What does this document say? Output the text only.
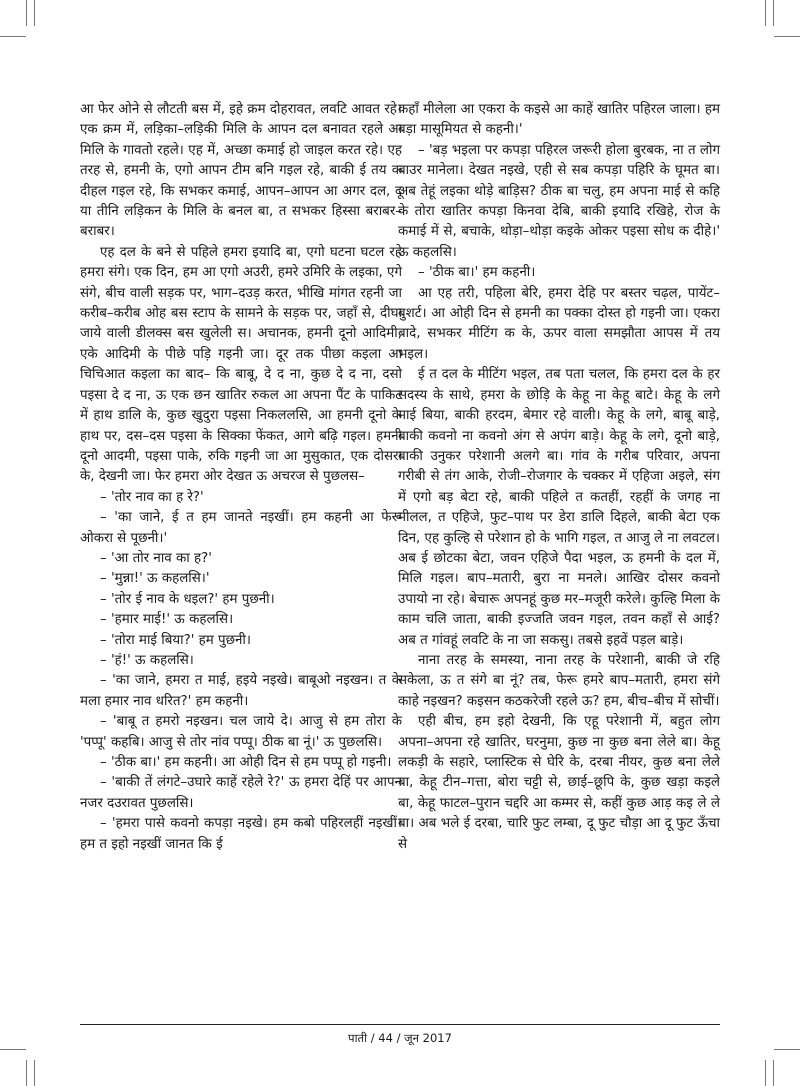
आ फेर ओने से लौटती बस में, इहे क्रम दोहरावत, लवटि आवत रहे। एक क्रम में, लड़िका–लड़िकी मिलि के आपन दल बनावत रहले आ मिलि के गावतो रहले। एह में, अच्छा कमाई हो जाइल करत रहे। एह तरह से, हमनी के, एगो आपन टीम बनि गइल रहे, बाकी ई तय क दीहल गइल रहे, कि सभकर कमाई, आपन–आपन आ अगर दल, दू या तीनि लड़िकन के मिलि के बनल बा, त सभकर हिस्सा बराबर–बराबर।

एह दल के बने से पहिले हमरा इयादि बा, एगो घटना घटल रहे हमरा संगे। एक दिन, हम आ एगो अउरी, हमरे उमिरि के लइका, एगे संगे, बीच वाली सड़क पर, भाग–दउड़ करत, भीखि मांगत रहनी जा करीब–करीब ओह बस स्टाप के सामने के सड़क पर, जहाँ से, दीघा जाये वाली डीलक्स बस खुलेली स। अचानक, हमनी दूनो आदिमी, एके आदिमी के पीछे पड़ि गइनी जा। दूर तक पीछा कइला आ चिचिआत कइला का बाद– कि बाबू, दे द ना, कुछ दे द ना, दसो पइसा दे द ना, ऊ एक छन खातिर रुकल आ अपना पैंट के पाकिट में हाथ डालि के, कुछ खुदुरा पइसा निकललसि, आ हमनी दूनो के हाथ पर, दस–दस पइसा के सिक्का फेंकत, आगे बढ़ि गइल। हमनी दूनो आदमी, पइसा पाके, रुकि गइनी जा आ मुसुकात, एक दोसरा के, देखनी जा। फेर हमरा ओर देखत ऊ अचरज से पुछलस–

– 'तोर नाव का ह रे?'

– 'का जाने, ई त हम जानते नइखीं। हम कहनी आ फेरू ओकरा से पूछनी।'

– 'आ तोर नाव का ह?'

– 'मुन्ना!' ऊ कहलसि।'

– 'तोर ई नाव के धइल?' हम पुछनी।

– 'हमार माई!' ऊ कहलसि।

– 'तोरा माई बिया?' हम पुछनी।

– 'हं!' ऊ कहलसि।

– 'का जाने, हमरा त माई, हइये नइखे। बाबूओ नइखन। त के मला हमार नाव धरित?' हम कहनी।

– 'बाबू त हमरो नइखन। चल जाये दे। आजु से हम तोरा के 'पप्पू' कहबि। आजु से तोर नांव पप्पू। ठीक बा नूं।' ऊ पुछलसि।

– 'ठीक बा।' हम कहनी। आ ओही दिन से हम पप्पू हो गइनी।

– 'बाकी तें लंगटे–उघारे काहें रहेले रे?' ऊ हमरा देहिं पर आपन नजर दउरावत पुछलसि।

– 'हमरा पासे कवनो कपड़ा नइखे। हम कबो पहिरलहीं नइखीं। हम त इहो नइखीं जानत कि ई

कहाँ मीलेला आ एकरा के कइसे आ काहें खातिर पहिरल जाला। हम बड़ा मासूमियत से कहनी।'

– 'बड़ भइला पर कपड़ा पहिरल जरूरी होला बुरबक, ना त लोग बाउर मानेला। देखत नइखे, एही से सब कपड़ा पहिरि के घूमत बा। अब तेहूं लइका थोड़े बाड़िस? ठीक बा चलु, हम अपना माई से कहि के तोरा खातिर कपड़ा किनवा देबि, बाकी इयादि रखिहे, रोज के कमाई में से, बचाके, थोड़ा–थोड़ा कइके ओकर पइसा सोध क दीहे।' ऊ कहलसि।

– 'ठीक बा।' हम कहनी।

आ एह तरी, पहिला बेरि, हमरा देहि पर बस्तर चढ़ल, पायेंट–बुशर्ट। आ ओही दिन से हमनी का पक्का दोस्त हो गइनी जा। एकरा बादे, सभकर मीटिंग क के, ऊपर वाला समझौता आपस में तय भइल।

ई त दल के मीटिंग भइल, तब पता चलल, कि हमरा दल के हर सदस्य के साथे, हमरा के छोड़ि के केहू ना केहू बाटे। केहू के लगे माई बिया, बाकी हरदम, बेमार रहे वाली। केहू के लगे, बाबू बाड़े, बाकी कवनो ना कवनो अंग से अपंग बाड़े। केहू के लगे, दूनो बाड़े, बाकी उनुकर परेशानी अलगे बा। गांव के गरीब परिवार, अपना गरीबी से तंग आके, रोजी–रोजगार के चक्कर में एहिजा अइले, संग में एगो बड़ बेटा रहे, बाकी पहिले त कतहीं, रहहीं के जगह ना मीलल, त एहिजे, फुट–पाथ पर डेरा डालि दिहले, बाकी बेटा एक दिन, एह कुल्हि से परेशान हो के भागि गइल, त आजु ले ना लवटल। अब ई छोटका बेटा, जवन एहिजे पैदा भइल, ऊ हमनी के दल में, मिलि गइल। बाप–मतारी, बुरा ना मनले। आखिर दोसर कवनो उपायो ना रहे। बेचारू अपनहूं कुछ मर–मजूरी करेले। कुल्हि मिला के काम चलि जाता, बाकी इज्जति जवन गइल, तवन कहाँ से आई? अब त गांवहूं लवटि के ना जा सकसु। तबसे इहवें पड़ल बाड़े।

नाना तरह के समस्या, नाना तरह के परेशानी, बाकी जे रहि सकेला, ऊ त संगे बा नूं? तब, फेरू हमरे बाप–मतारी, हमरा संगे काहे नइखन? कइसन कठकरेजी रहले ऊ? हम, बीच–बीच में सोचीं।

एही बीच, हम इहो देखनी, कि एहू परेशानी में, बहुत लोग अपना–अपना रहे खातिर, घरनुमा, कुछ ना कुछ बना लेले बा। केहू लकड़ी के सहारे, प्लास्टिक से घेरि के, दरबा नीयर, कुछ बना लेले बा, केहू टीन–गत्ता, बोरा चट्टी से, छाई–छूपि के, कुछ खड़ा कइले बा, केहू फाटल–पुरान चद्दरि आ कम्मर से, कहीं कुछ आड़ कइ ले ले बा। अब भले ई दरबा, चारि फुट लम्बा, दू फुट चौड़ा आ दू फुट ऊँचा से

पाती / 44 / जून 2017
